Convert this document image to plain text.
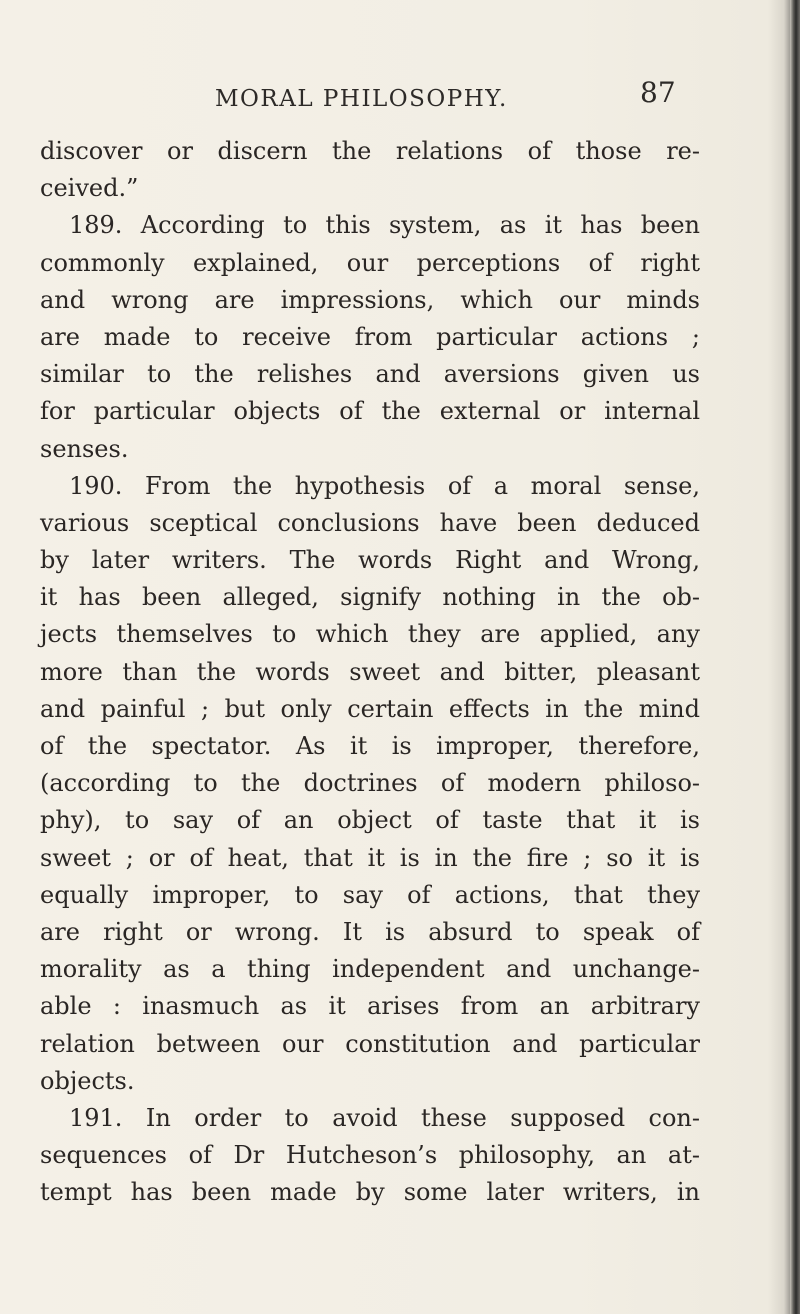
MORAL PHILOSOPHY.	87
discover or discern the relations of those re-
ceived.”
189. According to this system, as it has been
commonly explained, our perceptions of right
and wrong are impressions, which our minds
are made to receive from particular actions ;
similar to the relishes and aversions given us
for particular objects of the external or internal
senses.
190. From the hypothesis of a moral sense,
various sceptical conclusions have been deduced
by later writers. The words Right and Wrong,
it has been alleged, signify nothing in the ob-
jects themselves to which they are applied, any
more than the words sweet and bitter, pleasant
and painful ; but only certain effects in the mind
of the spectator. As it is improper, therefore,
(according to the doctrines of modern philoso-
phy), to say of an object of taste that it is
sweet ; or of heat, that it is in the fire ; so it is
equally improper, to say of actions, that they
are right or wrong. It is absurd to speak of
morality as a thing independent and unchange-
able : inasmuch as it arises from an arbitrary
relation between our constitution and particular
objects.
191. In order to avoid these supposed con-
sequences of Dr Hutcheson’s philosophy, an at-
tempt has been made by some later writers, in
